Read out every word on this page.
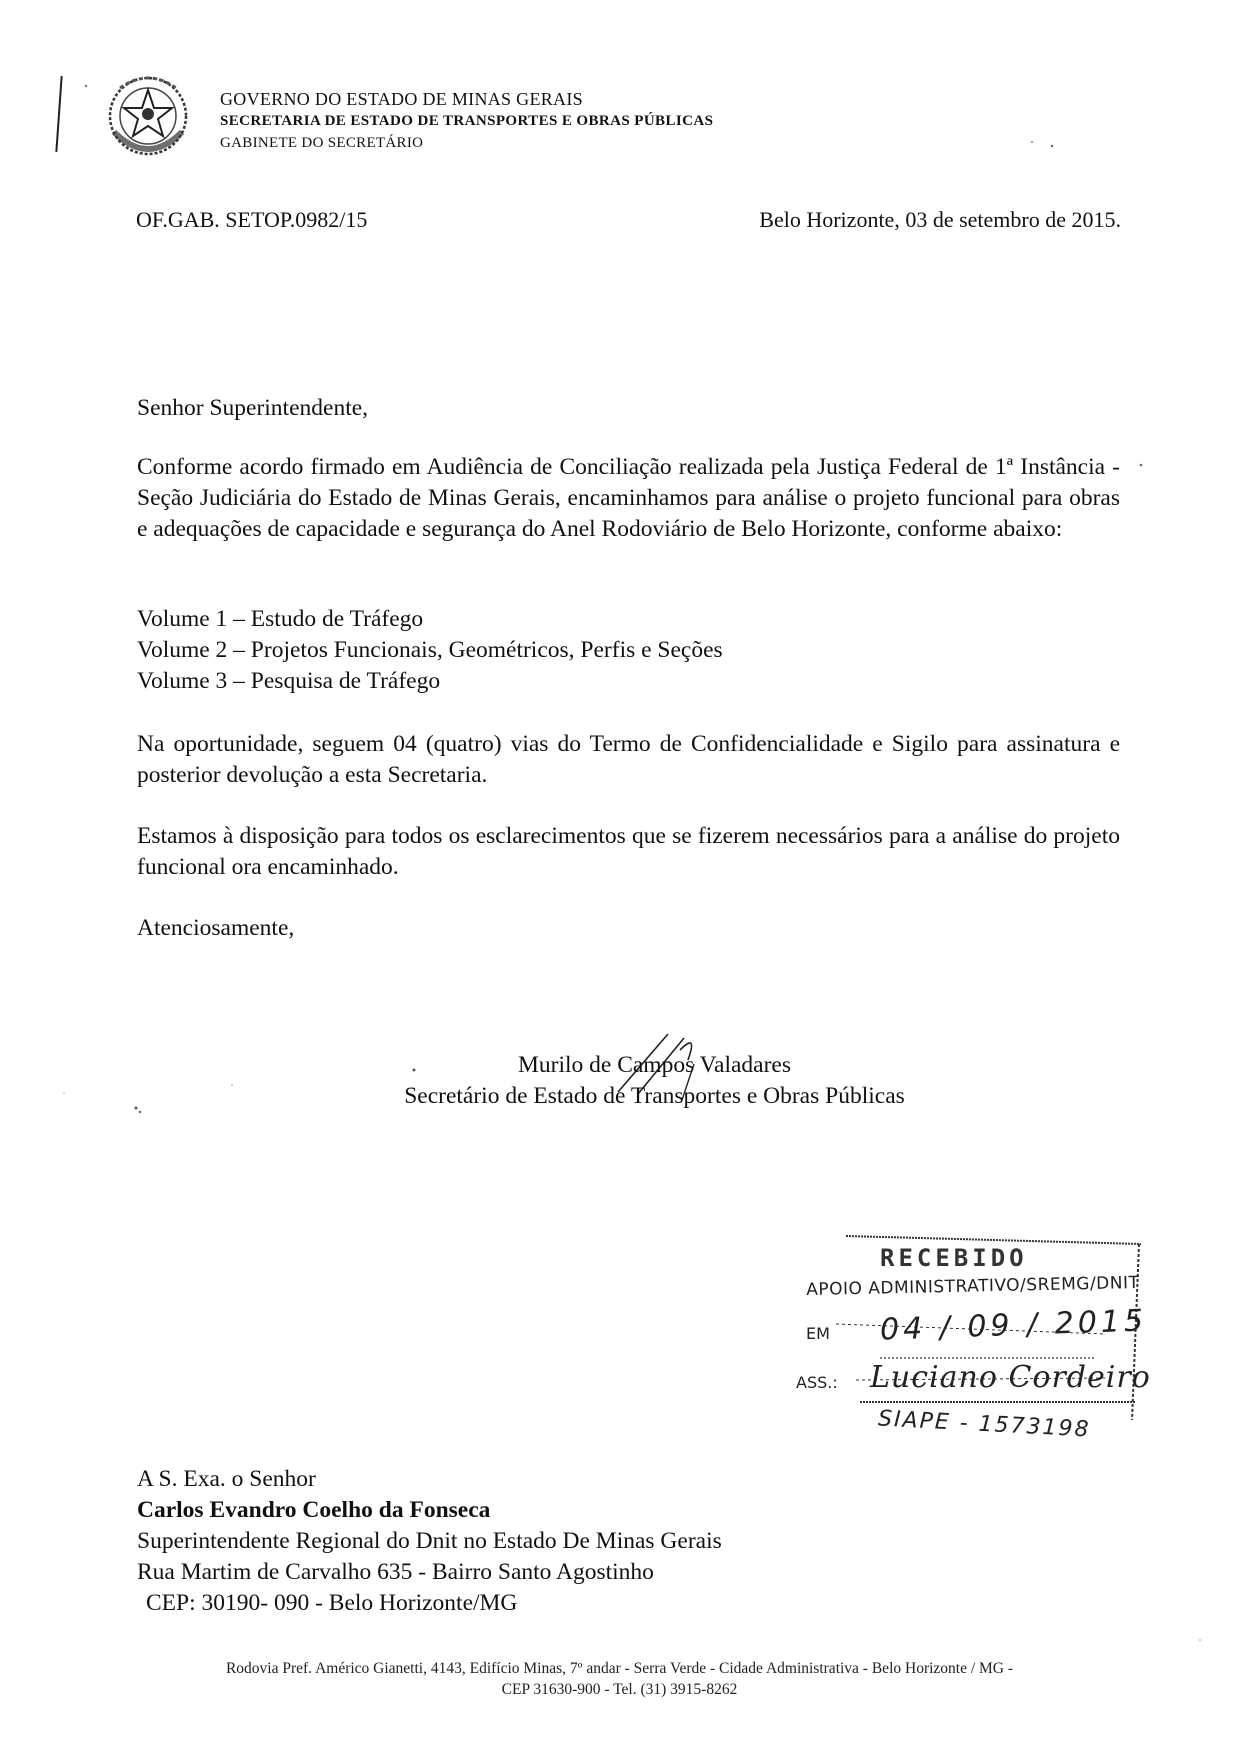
GOVERNO DO ESTADO DE MINAS GERAIS
SECRETARIA DE ESTADO DE TRANSPORTES E OBRAS PÚBLICAS
GABINETE DO SECRETÁRIO
OF.GAB. SETOP.0982/15	Belo Horizonte, 03 de setembro de 2015.
Senhor Superintendente,
Conforme acordo firmado em Audiência de Conciliação realizada pela Justiça Federal de 1ª Instância - Seção Judiciária do Estado de Minas Gerais, encaminhamos para análise o projeto funcional para obras e adequações de capacidade e segurança do Anel Rodoviário de Belo Horizonte, conforme abaixo:
Volume 1 – Estudo de Tráfego
Volume 2 – Projetos Funcionais, Geométricos, Perfis e Seções
Volume 3 – Pesquisa de Tráfego
Na oportunidade, seguem 04 (quatro) vias do Termo de Confidencialidade e Sigilo para assinatura e posterior devolução a esta Secretaria.
Estamos à disposição para todos os esclarecimentos que se fizerem necessários para a análise do projeto funcional ora encaminhado.
Atenciosamente,
Murilo de Campos Valadares
Secretário de Estado de Transportes e Obras Públicas
RECEBIDO
APOIO ADMINISTRATIVO/SREMG/DNIT
EM 04 / 09 / 2015
ASS.: Luciano Cordeiro
SIAPE - 1573198
A S. Exa. o Senhor
Carlos Evandro Coelho da Fonseca
Superintendente Regional do Dnit no Estado De Minas Gerais
Rua Martim de Carvalho 635 - Bairro Santo Agostinho
CEP: 30190- 090 - Belo Horizonte/MG
Rodovia Pref. Américo Gianetti, 4143, Edifício Minas, 7º andar - Serra Verde - Cidade Administrativa - Belo Horizonte / MG -
CEP 31630-900 - Tel. (31) 3915-8262
